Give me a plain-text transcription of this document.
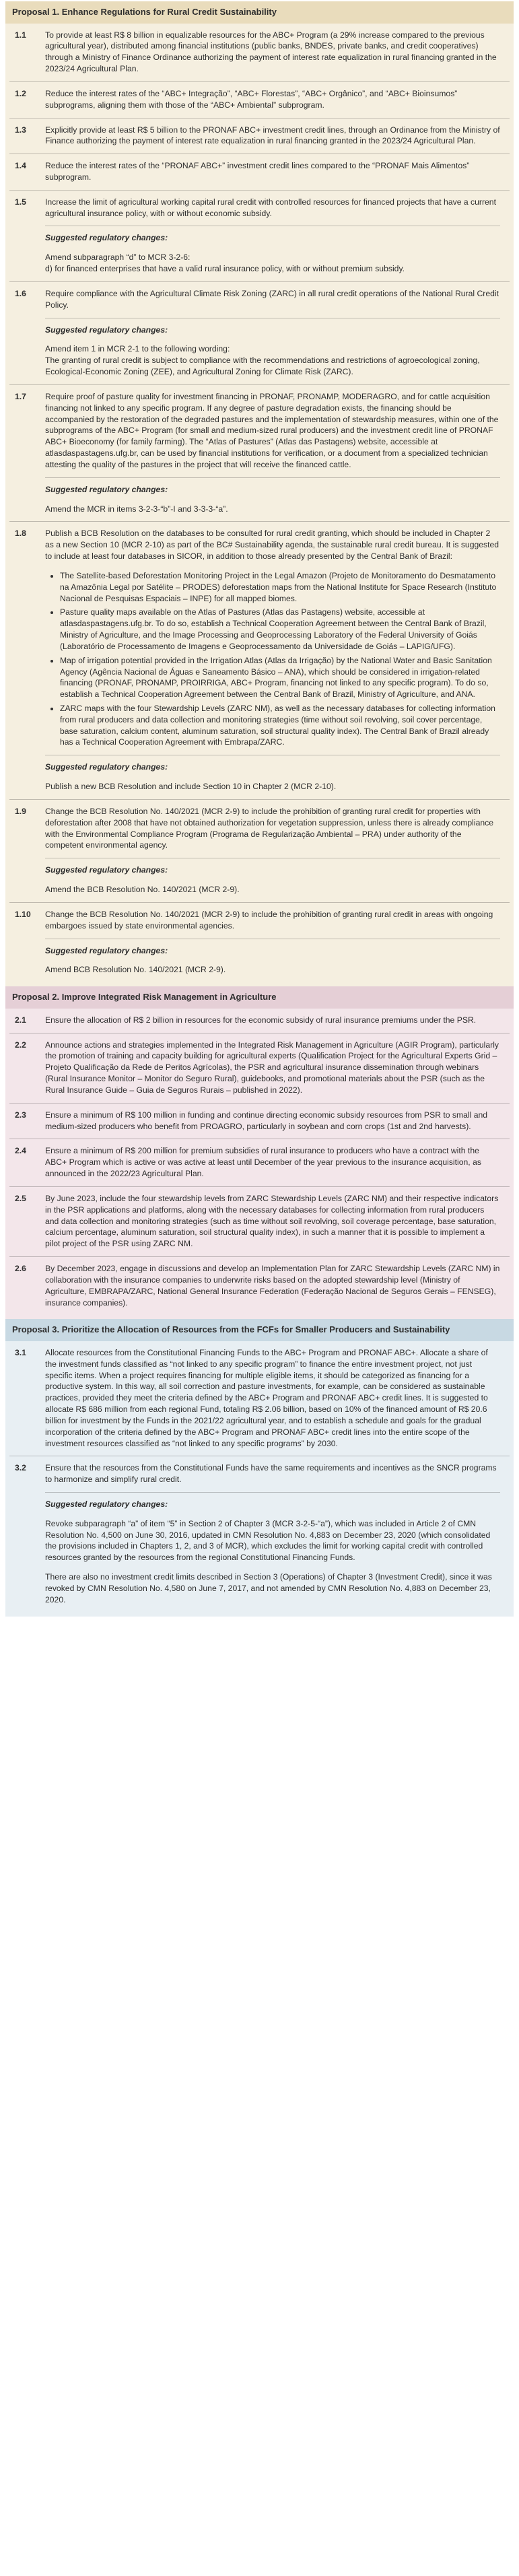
Proposal 1. Enhance Regulations for Rural Credit Sustainability
1.1	To provide at least R$ 8 billion in equalizable resources for the ABC+ Program (a 29% increase compared to the previous agricultural year), distributed among financial institutions (public banks, BNDES, private banks, and credit cooperatives) through a Ministry of Finance Ordinance authorizing the payment of interest rate equalization in rural financing granted in the 2023/24 Agricultural Plan.

1.2	Reduce the interest rates of the “ABC+ Integração”, “ABC+ Florestas”, “ABC+ Orgânico”, and “ABC+ Bioinsumos” subprograms, aligning them with those of the “ABC+ Ambiental” subprogram.

1.3	Explicitly provide at least R$ 5 billion to the PRONAF ABC+ investment credit lines, through an Ordinance from the Ministry of Finance authorizing the payment of interest rate equalization in rural financing granted in the 2023/24 Agricultural Plan.

1.4	Reduce the interest rates of the “PRONAF ABC+” investment credit lines compared to the “PRONAF Mais Alimentos” subprogram.

1.5	Increase the limit of agricultural working capital rural credit with controlled resources for financed projects that have a current agricultural insurance policy, with or without economic subsidy.

Suggested regulatory changes:

Amend subparagraph “d” to MCR 3-2-6:
d) for financed enterprises that have a valid rural insurance policy, with or without premium subsidy.

1.6	Require compliance with the Agricultural Climate Risk Zoning (ZARC) in all rural credit operations of the National Rural Credit Policy.

Suggested regulatory changes:

Amend item 1 in MCR 2-1 to the following wording:
The granting of rural credit is subject to compliance with the recommendations and restrictions of agroecological zoning, Ecological-Economic Zoning (ZEE), and Agricultural Zoning for Climate Risk (ZARC).

1.7	Require proof of pasture quality for investment financing in PRONAF, PRONAMP, MODERAGRO, and for cattle acquisition financing not linked to any specific program. If any degree of pasture degradation exists, the financing should be accompanied by the restoration of the degraded pastures and the implementation of stewardship measures, within one of the subprograms of the ABC+ Program (for small and medium-sized rural producers) and the investment credit line of PRONAF ABC+ Bioeconomy (for family farming). The “Atlas of Pastures” (Atlas das Pastagens) website, accessible at atlasdaspastagens.ufg.br, can be used by financial institutions for verification, or a document from a specialized technician attesting the quality of the pastures in the project that will receive the financed cattle.

Suggested regulatory changes:

Amend the MCR in items 3-2-3-“b”-I and 3-3-3-“a”.

1.8	Publish a BCB Resolution on the databases to be consulted for rural credit granting, which should be included in Chapter 2 as a new Section 10 (MCR 2-10) as part of the BC# Sustainability agenda, the sustainable rural credit bureau. It is suggested to include at least four databases in SICOR, in addition to those already presented by the Central Bank of Brazil:

• The Satellite-based Deforestation Monitoring Project in the Legal Amazon (Projeto de Monitoramento do Desmatamento na Amazônia Legal por Satélite – PRODES) deforestation maps from the National Institute for Space Research (Instituto Nacional de Pesquisas Espaciais – INPE) for all mapped biomes.
• Pasture quality maps available on the Atlas of Pastures (Atlas das Pastagens) website, accessible at atlasdaspastagens.ufg.br. To do so, establish a Technical Cooperation Agreement between the Central Bank of Brazil, Ministry of Agriculture, and the Image Processing and Geoprocessing Laboratory of the Federal University of Goiás (Laboratório de Processamento de Imagens e Geoprocessamento da Universidade de Goiás – LAPIG/UFG).
• Map of irrigation potential provided in the Irrigation Atlas (Atlas da Irrigação) by the National Water and Basic Sanitation Agency (Agência Nacional de Águas e Saneamento Básico – ANA), which should be considered in irrigation-related financing (PRONAF, PRONAMP, PROIRRIGA, ABC+ Program, financing not linked to any specific program). To do so, establish a Technical Cooperation Agreement between the Central Bank of Brazil, Ministry of Agriculture, and ANA.
• ZARC maps with the four Stewardship Levels (ZARC NM), as well as the necessary databases for collecting information from rural producers and data collection and monitoring strategies (time without soil revolving, soil cover percentage, base saturation, calcium content, aluminum saturation, soil structural quality index). The Central Bank of Brazil already has a Technical Cooperation Agreement with Embrapa/ZARC.

Suggested regulatory changes:

Publish a new BCB Resolution and include Section 10 in Chapter 2 (MCR 2-10).

1.9	Change the BCB Resolution No. 140/2021 (MCR 2-9) to include the prohibition of granting rural credit for properties with deforestation after 2008 that have not obtained authorization for vegetation suppression, unless there is already compliance with the Environmental Compliance Program (Programa de Regularização Ambiental – PRA) under authority of the competent environmental agency.

Suggested regulatory changes:

Amend the BCB Resolution No. 140/2021 (MCR 2-9).

1.10	Change the BCB Resolution No. 140/2021 (MCR 2-9) to include the prohibition of granting rural credit in areas with ongoing embargoes issued by state environmental agencies.

Suggested regulatory changes:

Amend BCB Resolution No. 140/2021 (MCR 2-9).

Proposal 2. Improve Integrated Risk Management in Agriculture
2.1	Ensure the allocation of R$ 2 billion in resources for the economic subsidy of rural insurance premiums under the PSR.

2.2	Announce actions and strategies implemented in the Integrated Risk Management in Agriculture (AGIR Program), particularly the promotion of training and capacity building for agricultural experts (Qualification Project for the Agricultural Experts Grid – Projeto Qualificação da Rede de Peritos Agrícolas), the PSR and agricultural insurance dissemination through webinars (Rural Insurance Monitor – Monitor do Seguro Rural), guidebooks, and promotional materials about the PSR (such as the Rural Insurance Guide – Guia de Seguros Rurais – published in 2022).

2.3	Ensure a minimum of R$ 100 million in funding and continue directing economic subsidy resources from PSR to small and medium-sized producers who benefit from PROAGRO, particularly in soybean and corn crops (1st and 2nd harvests).

2.4	Ensure a minimum of R$ 200 million for premium subsidies of rural insurance to producers who have a contract with the ABC+ Program which is active or was active at least until December of the year previous to the insurance acquisition, as announced in the 2022/23 Agricultural Plan.

2.5	By June 2023, include the four stewardship levels from ZARC Stewardship Levels (ZARC NM) and their respective indicators in the PSR applications and platforms, along with the necessary databases for collecting information from rural producers and data collection and monitoring strategies (such as time without soil revolving, soil coverage percentage, base saturation, calcium percentage, aluminum saturation, soil structural quality index), in such a manner that it is possible to implement a pilot project of the PSR using ZARC NM.

2.6	By December 2023, engage in discussions and develop an Implementation Plan for ZARC Stewardship Levels (ZARC NM) in collaboration with the insurance companies to underwrite risks based on the adopted stewardship level (Ministry of Agriculture, EMBRAPA/ZARC, National General Insurance Federation (Federação Nacional de Seguros Gerais – FENSEG), insurance companies).

Proposal 3. Prioritize the Allocation of Resources from the FCFs for Smaller Producers and Sustainability
3.1	Allocate resources from the Constitutional Financing Funds to the ABC+ Program and PRONAF ABC+. Allocate a share of the investment funds classified as “not linked to any specific program” to finance the entire investment project, not just specific items. When a project requires financing for multiple eligible items, it should be categorized as financing for a productive system. In this way, all soil correction and pasture investments, for example, can be considered as sustainable practices, provided they meet the criteria defined by the ABC+ Program and PRONAF ABC+ credit lines. It is suggested to allocate R$ 686 million from each regional Fund, totaling R$ 2.06 billion, based on 10% of the financed amount of R$ 20.6 billion for investment by the Funds in the 2021/22 agricultural year, and to establish a schedule and goals for the gradual incorporation of the criteria defined by the ABC+ Program and PRONAF ABC+ credit lines into the entire scope of the investment resources classified as “not linked to any specific programs” by 2030.

3.2	Ensure that the resources from the Constitutional Funds have the same requirements and incentives as the SNCR programs to harmonize and simplify rural credit.

Suggested regulatory changes:

Revoke subparagraph “a” of item “5” in Section 2 of Chapter 3 (MCR 3-2-5-“a”), which was included in Article 2 of CMN Resolution No. 4,500 on June 30, 2016, updated in CMN Resolution No. 4,883 on December 23, 2020 (which consolidated the provisions included in Chapters 1, 2, and 3 of MCR), which excludes the limit for working capital credit with controlled resources granted by the resources from the regional Constitutional Financing Funds.

There are also no investment credit limits described in Section 3 (Operations) of Chapter 3 (Investment Credit), since it was revoked by CMN Resolution No. 4,580 on June 7, 2017, and not amended by CMN Resolution No. 4,883 on December 23, 2020.
